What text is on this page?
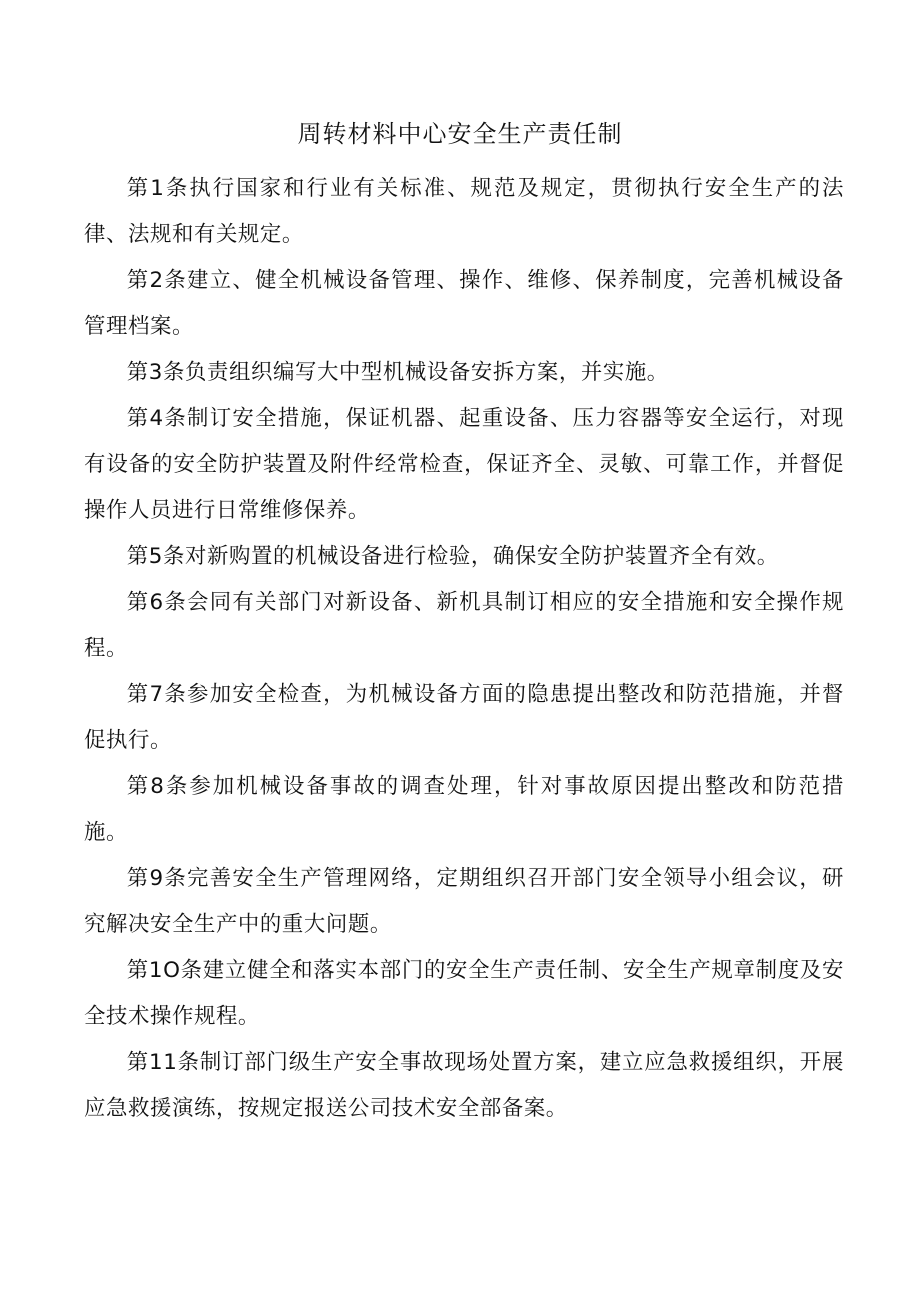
周转材料中心安全生产责任制

第1条执行国家和行业有关标准、规范及规定，贯彻执行安全生产的法律、法规和有关规定。

第2条建立、健全机械设备管理、操作、维修、保养制度，完善机械设备管理档案。

第3条负责组织编写大中型机械设备安拆方案，并实施。

第4条制订安全措施，保证机器、起重设备、压力容器等安全运行，对现有设备的安全防护装置及附件经常检查，保证齐全、灵敏、可靠工作，并督促操作人员进行日常维修保养。

第5条对新购置的机械设备进行检验，确保安全防护装置齐全有效。

第6条会同有关部门对新设备、新机具制订相应的安全措施和安全操作规程。

第7条参加安全检查，为机械设备方面的隐患提出整改和防范措施，并督促执行。

第8条参加机械设备事故的调查处理，针对事故原因提出整改和防范措施。

第9条完善安全生产管理网络，定期组织召开部门安全领导小组会议，研究解决安全生产中的重大问题。

第1O条建立健全和落实本部门的安全生产责任制、安全生产规章制度及安全技术操作规程。

第11条制订部门级生产安全事故现场处置方案，建立应急救援组织，开展应急救援演练，按规定报送公司技术安全部备案。
